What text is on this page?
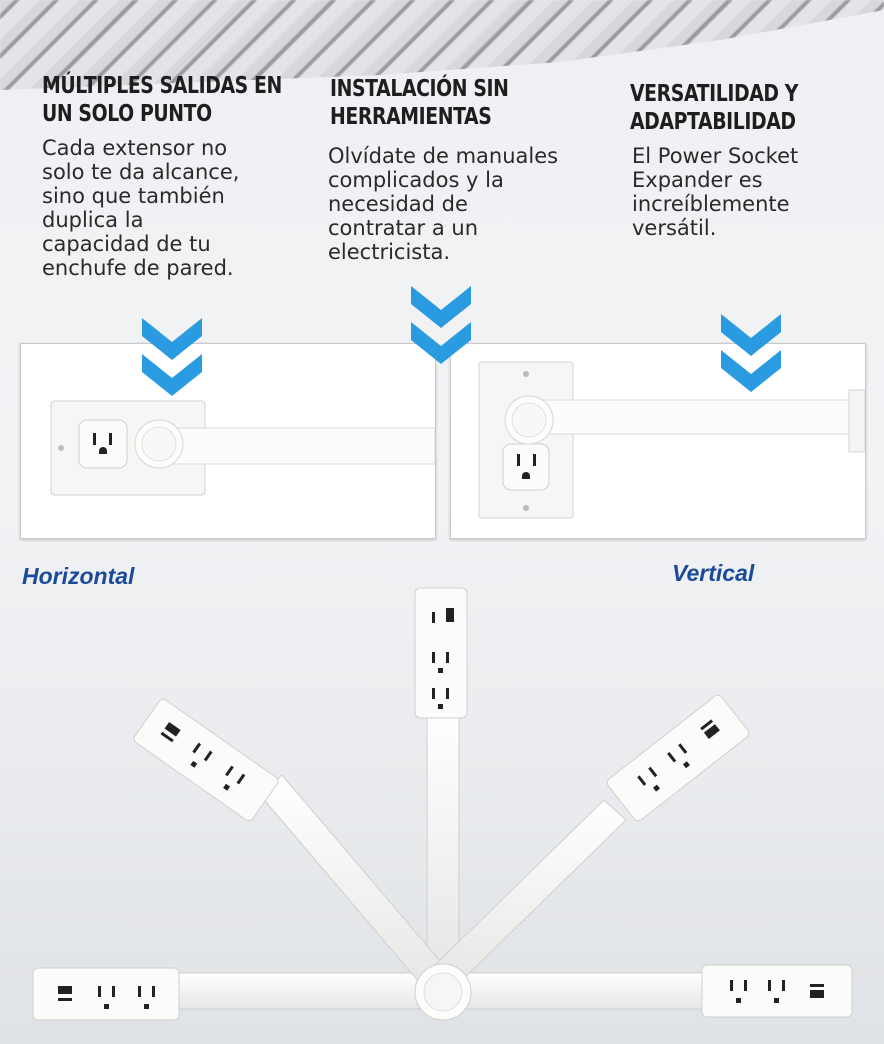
MÚLTIPLES SALIDAS EN
UN SOLO PUNTO
Cada extensor no
solo te da alcance,
sino que también
duplica la
capacidad de tu
enchufe de pared.
INSTALACIÓN SIN
HERRAMIENTAS
Olvídate de manuales
complicados y la
necesidad de
contratar a un
electricista.
VERSATILIDAD Y
ADAPTABILIDAD
El Power Socket
Expander es
increíblemente
versátil.
Horizontal	Vertical
